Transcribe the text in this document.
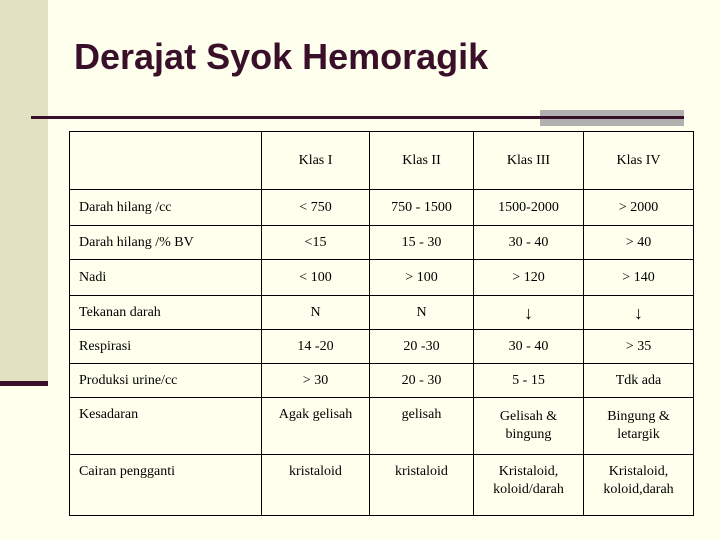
Derajat Syok Hemoragik
	Klas I	Klas II	Klas III	Klas IV
Darah hilang /cc	< 750	750 - 1500	1500-2000	> 2000
Darah hilang /% BV	<15	15 - 30	30 - 40	> 40
Nadi	< 100	> 100	> 120	> 140
Tekanan darah	N	N	↓	↓
Respirasi	14 -20	20 -30	30 - 40	> 35
Produksi urine/cc	> 30	20 - 30	5 - 15	Tdk ada
Kesadaran	Agak gelisah	gelisah	Gelisah & bingung	Bingung & letargik
Cairan pengganti	kristaloid	kristaloid	Kristaloid, koloid/darah	Kristaloid, koloid,darah
